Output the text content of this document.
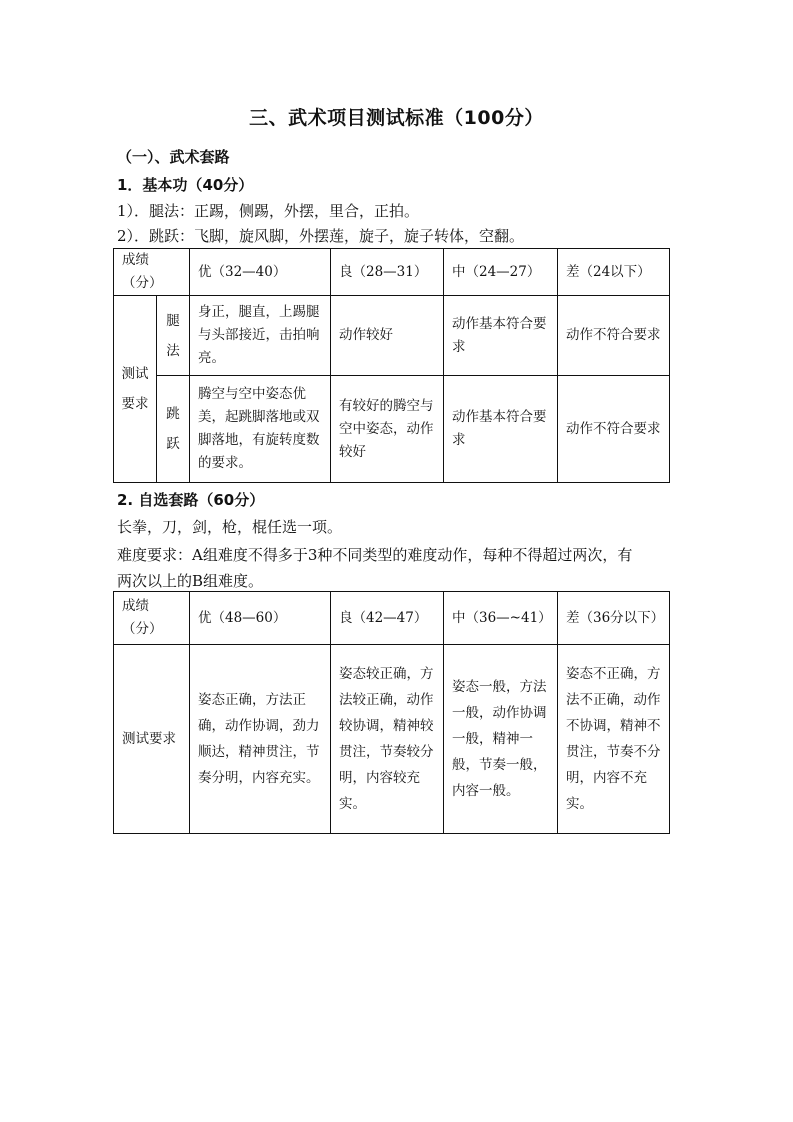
三、武术项目测试标准（100分）
（一）、武术套路
1．基本功（40分）
1）．腿法：正踢，侧踢，外摆，里合，正拍。
2）．跳跃：飞脚，旋风脚，外摆莲，旋子，旋子转体，空翻。
成绩（分）		优（32—40）	良（28—31）	中（24—27）	差（24以下）
测试要求	腿法	身正，腿直，上踢腿与头部接近，击拍响亮。	动作较好	动作基本符合要求	动作不符合要求
	跳跃	腾空与空中姿态优美，起跳脚落地或双脚落地，有旋转度数的要求。	有较好的腾空与空中姿态，动作较好	动作基本符合要求	动作不符合要求
2. 自选套路（60分）
长拳，刀，剑，枪，棍任选一项。
难度要求：A组难度不得多于3种不同类型的难度动作，每种不得超过两次，有
两次以上的B组难度。
成绩（分）	优（48—60）	良（42—47）	中（36—~41）	差（36分以下）
测试要求	姿态正确，方法正确，动作协调，劲力顺达，精神贯注，节奏分明，内容充实。	姿态较正确，方法较正确，动作较协调，精神较贯注，节奏较分明，内容较充实。	姿态一般，方法一般，动作协调一般，精神一般，节奏一般，内容一般。	姿态不正确，方法不正确，动作不协调，精神不贯注，节奏不分明，内容不充实。
